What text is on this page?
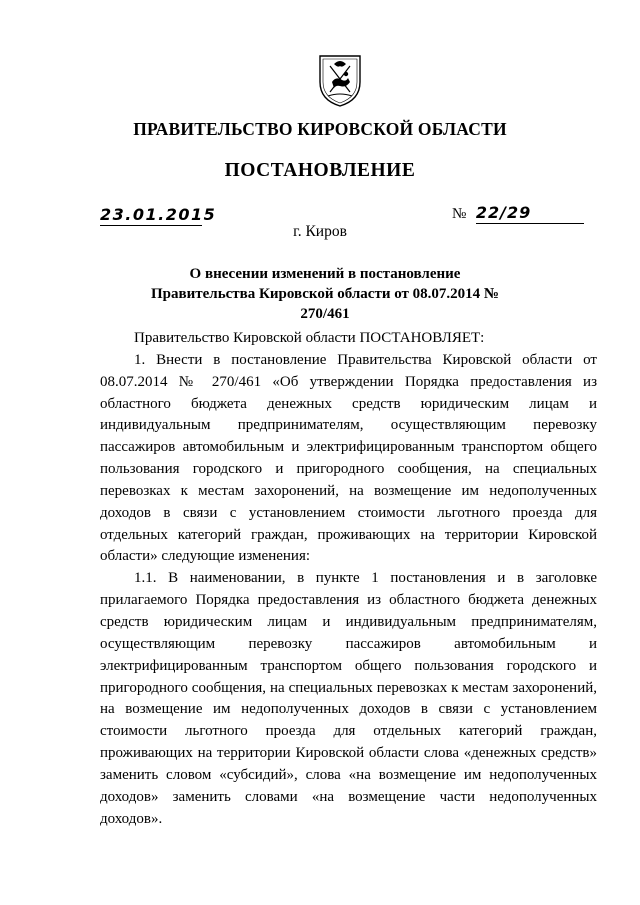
ПРАВИТЕЛЬСТВО КИРОВСКОЙ ОБЛАСТИ
ПОСТАНОВЛЕНИЕ
23.01.2015	№ 22/29
г. Киров
О внесении изменений в постановление Правительства Кировской области от 08.07.2014 № 270/461

Правительство Кировской области ПОСТАНОВЛЯЕТ:

1. Внести в постановление Правительства Кировской области от 08.07.2014 № 270/461 «Об утверждении Порядка предоставления из областного бюджета денежных средств юридическим лицам и индивидуальным предпринимателям, осуществляющим перевозку пассажиров автомобильным и электрифицированным транспортом общего пользования городского и пригородного сообщения, на специальных перевозках к местам захоронений, на возмещение им недополученных доходов в связи с установлением стоимости льготного проезда для отдельных категорий граждан, проживающих на территории Кировской области» следующие изменения:

1.1. В наименовании, в пункте 1 постановления и в заголовке прилагаемого Порядка предоставления из областного бюджета денежных средств юридическим лицам и индивидуальным предпринимателям, осуществляющим перевозку пассажиров автомобильным и электрифицированным транспортом общего пользования городского и пригородного сообщения, на специальных перевозках к местам захоронений, на возмещение им недополученных доходов в связи с установлением стоимости льготного проезда для отдельных категорий граждан, проживающих на территории Кировской области слова «денежных средств» заменить словом «субсидий», слова «на возмещение им недополученных доходов» заменить словами «на возмещение части недополученных доходов».
